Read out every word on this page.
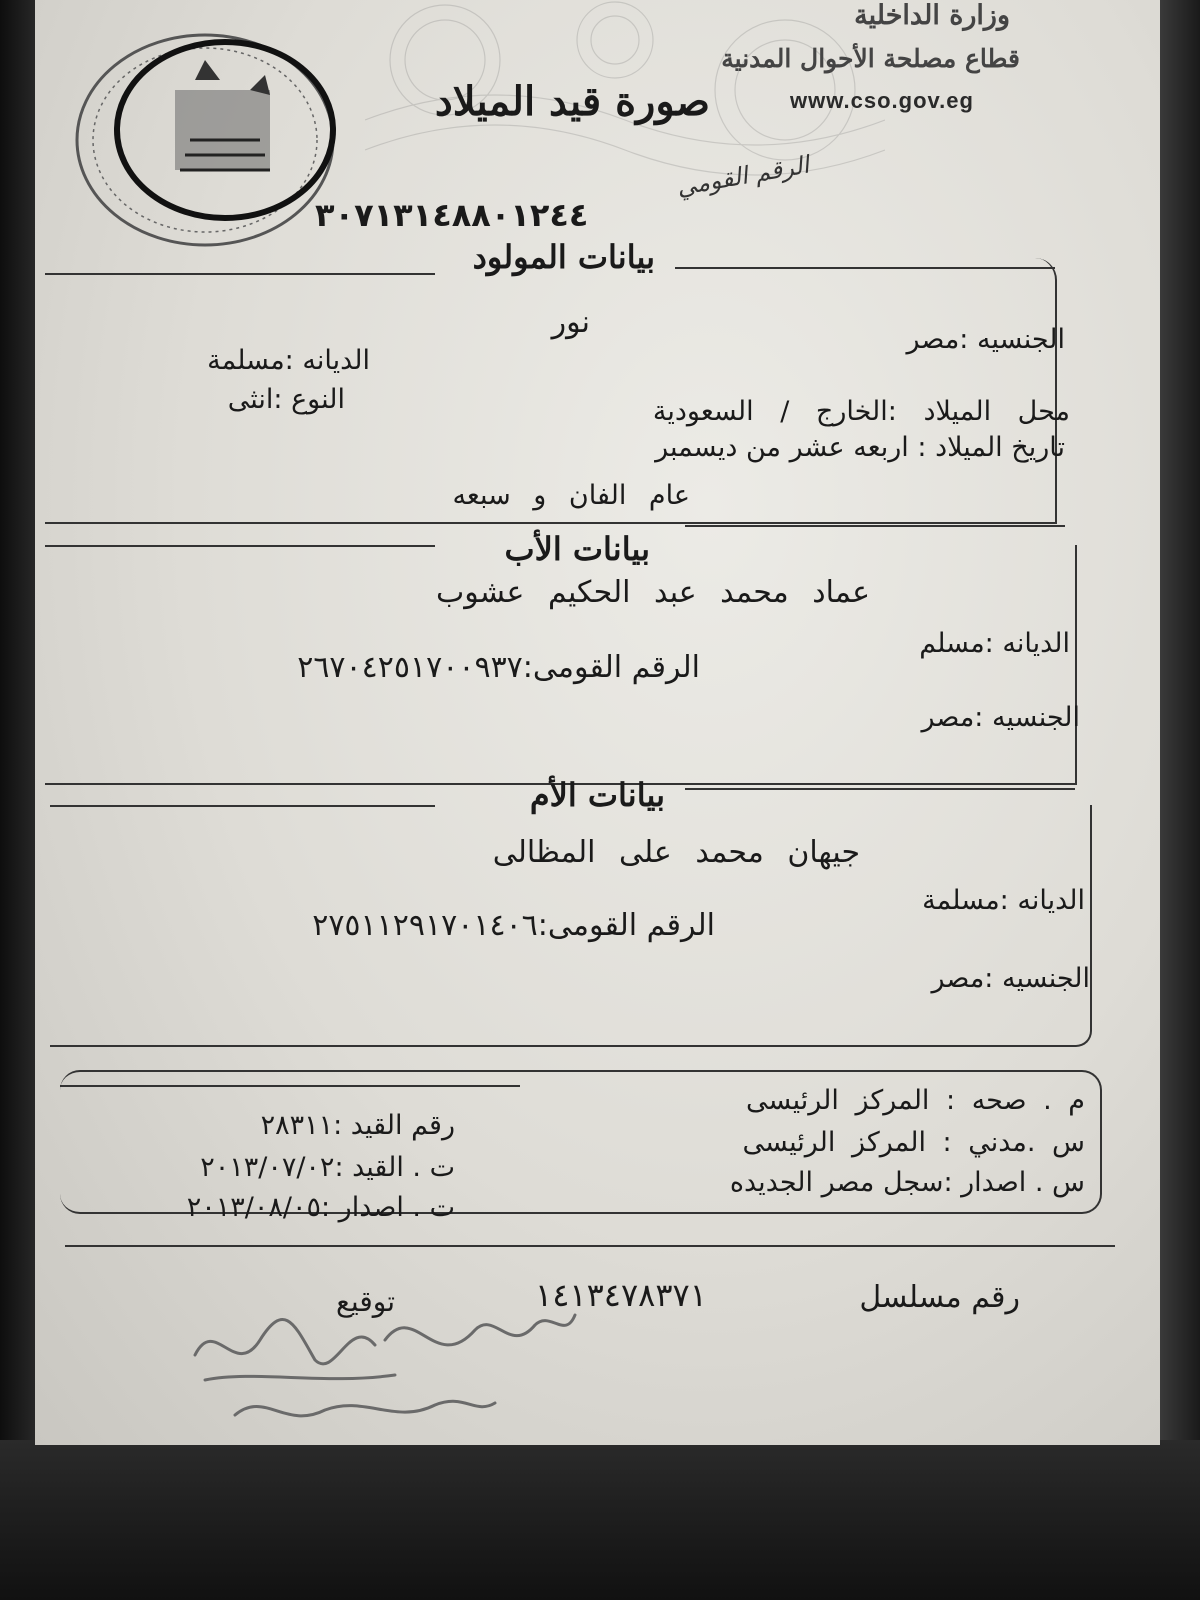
وزارة الداخلية
قطاع مصلحة الأحوال المدنية
www.cso.gov.eg
صورة قيد الميلاد
الرقم القومي
٣٠٧١٣١٤٨٨٠١٢٤٤
بيانات المولود
نور	الجنسيه :مصر
الديانه :مسلمة
النوع :انثى	محل الميلاد :الخارج / السعودية
تاريخ الميلاد : اربعه عشر من ديسمبر
عام الفان و سبعه
بيانات الأب
عماد محمد عبد الحكيم عشوب
الديانه :مسلم
الرقم القومى:٢٦٧٠٤٢٥١٧٠٠٩٣٧
الجنسيه :مصر
بيانات الأم
جيهان محمد على المظالى
الديانه :مسلمة
الرقم القومى:٢٧٥١١٢٩١٧٠١٤٠٦
الجنسيه :مصر
م . صحه : المركز الرئيسى
س .مدني : المركز الرئيسى
س . اصدار :سجل مصر الجديده
رقم القيد :٢٨٣١١
ت . القيد :٢٠١٣/٠٧/٠٢
ت . اصدار :٢٠١٣/٠٨/٠٥
رقم مسلسل
١٤١٣٤٧٨٣٧١
توقيع
